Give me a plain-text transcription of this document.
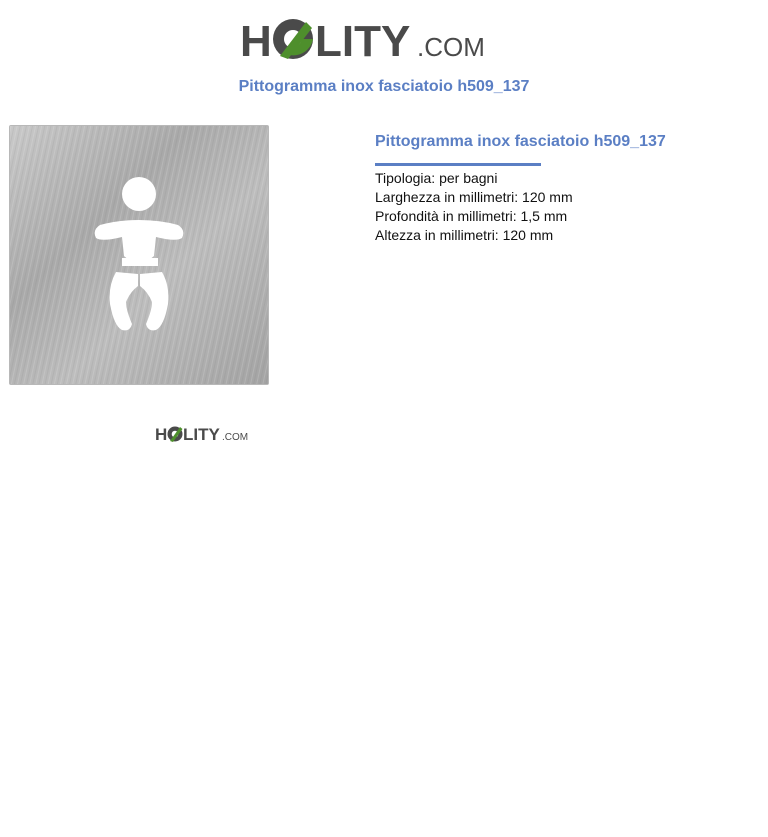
H LITY .COM
Pittogramma inox fasciatoio h509_137
H LITY .COM
Pittogramma inox fasciatoio h509_137
Tipologia: per bagni
Larghezza in millimetri: 120 mm
Profondità in millimetri: 1,5 mm
Altezza in millimetri: 120 mm
